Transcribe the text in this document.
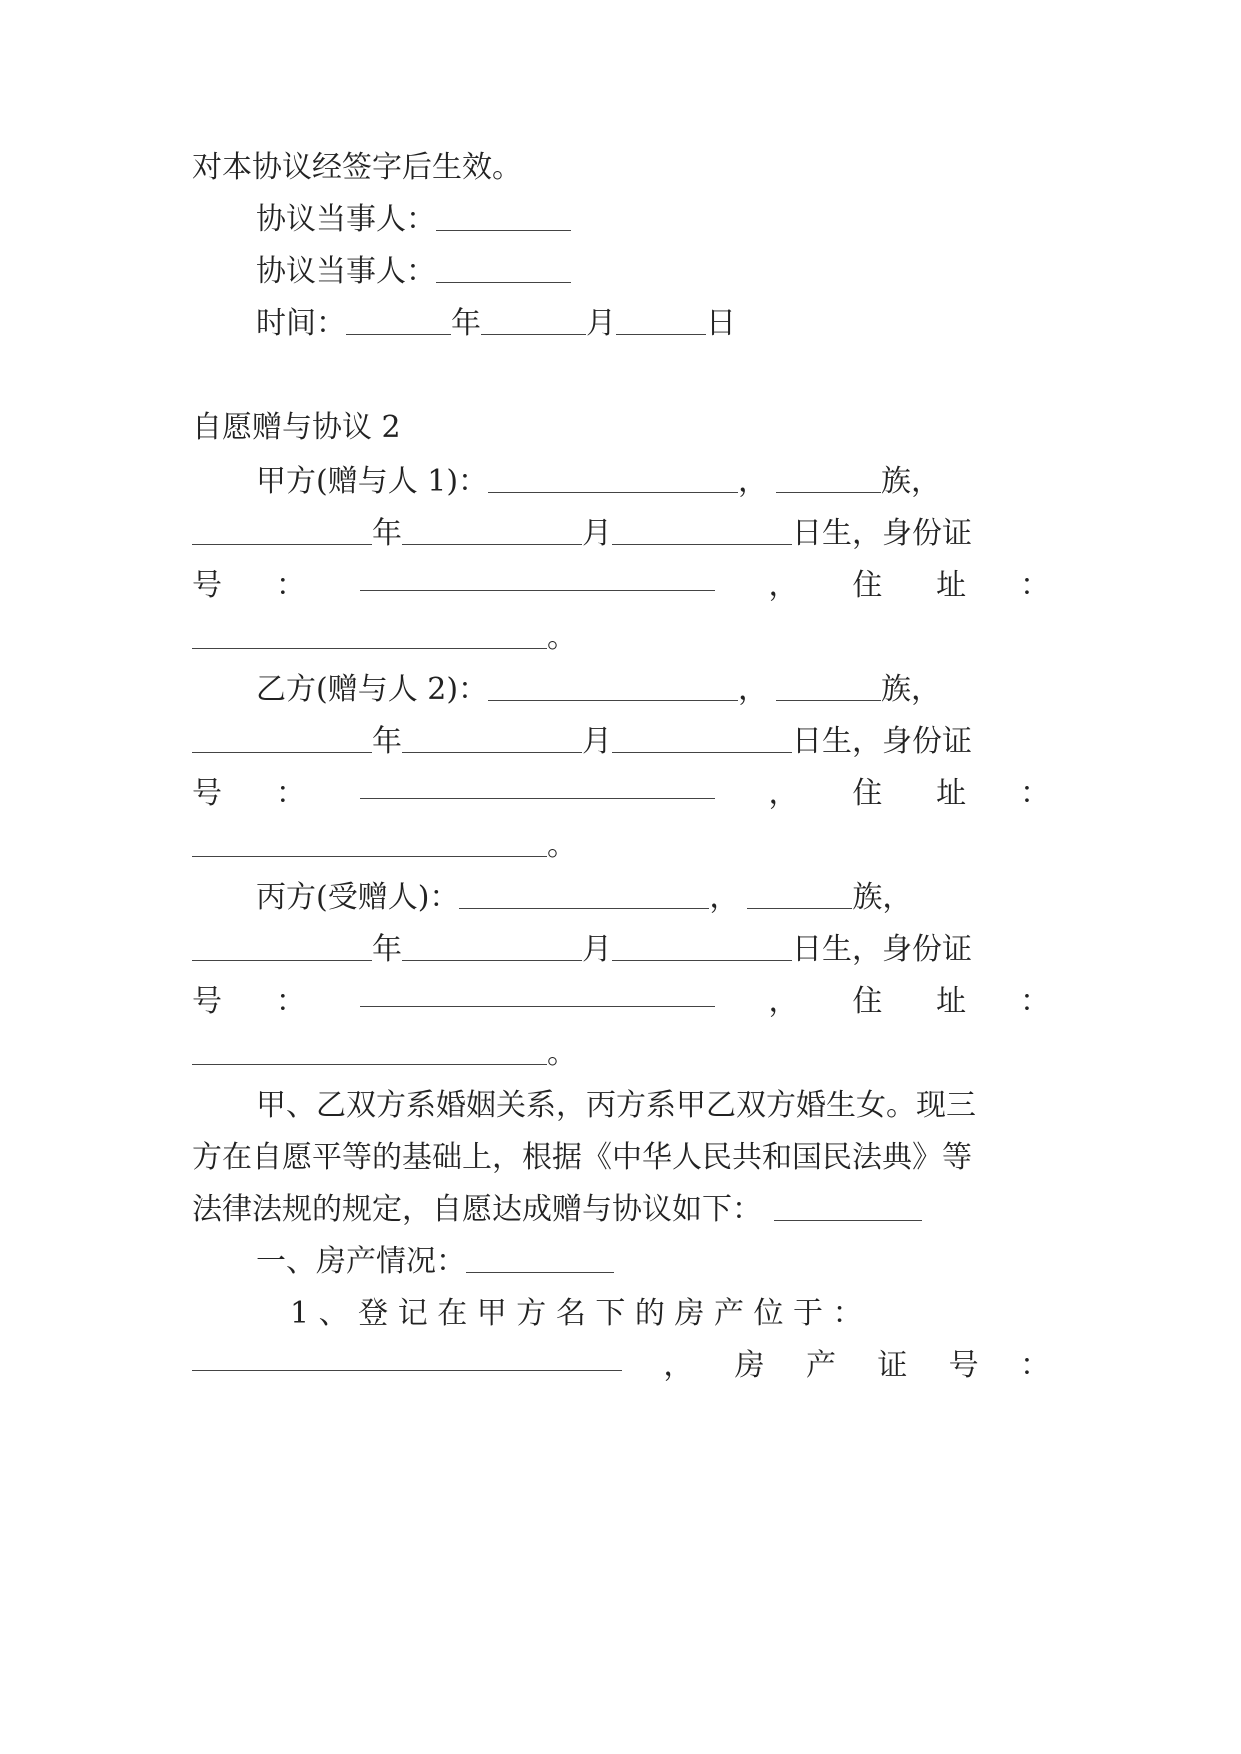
对本协议经签字后生效。
协议当事人：
协议当事人：
时间：	年	月	日
自愿赠与协议 2
甲方(赠与人 1)：	，	族，
年	月	日生，身份证
号 ：	， 住 址 ：
。
乙方(赠与人 2)：	，	族，
年	月	日生，身份证
号 ：	， 住 址 ：
。
丙方(受赠人)：	，	族，
年	月	日生，身份证
号 ：	， 住 址 ：
。
甲、乙双方系婚姻关系，丙方系甲乙双方婚生女。现三
方在自愿平等的基础上，根据《中华人民共和国民法典》等
法律法规的规定，自愿达成赠与协议如下：
一、房产情况：
1 、 登 记 在 甲 方 名 下 的 房 产 位 于 ：
， 房 产 证 号 ：
